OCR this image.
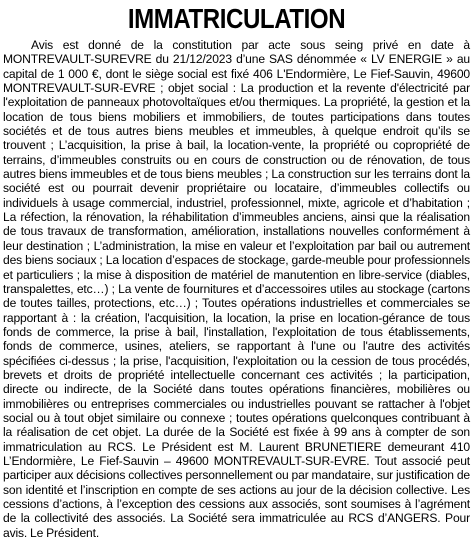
IMMATRICULATION

Avis est donné de la constitution par acte sous seing privé en date à MONTREVAULT-SUREVRE du 21/12/2023 d’une SAS dénommée « LV ENERGIE » au capital de 1 000 €, dont le siège social est fixé 406 L'Endormière, Le Fief-Sauvin, 49600 MONTREVAULT-SUR-EVRE ; objet social : La production et la revente d'électricité par l'exploitation de panneaux photovoltaïques et/ou thermiques. La propriété, la gestion et la location de tous biens mobiliers et immobiliers, de toutes participations dans toutes sociétés et de tous autres biens meubles et immeubles, à quelque endroit qu’ils se trouvent ; L’acquisition, la prise à bail, la location-vente, la propriété ou copropriété de terrains, d’immeubles construits ou en cours de construction ou de rénovation, de tous autres biens immeubles et de tous biens meubles ; La construction sur les terrains dont la société est ou pourrait devenir propriétaire ou locataire, d’immeubles collectifs ou individuels à usage commercial, industriel, professionnel, mixte, agricole et d’habitation ; La réfection, la rénovation, la réhabilitation d’immeubles anciens, ainsi que la réalisation de tous travaux de transformation, amélioration, installations nouvelles conformément à leur destination ; L’administration, la mise en valeur et l’exploitation par bail ou autrement des biens sociaux ; La location d’espaces de stockage, garde-meuble pour professionnels et particuliers ; la mise à disposition de matériel de manutention en libre-service (diables, transpalettes, etc…) ; La vente de fournitures et d’accessoires utiles au stockage (cartons de toutes tailles, protections, etc…) ; Toutes opérations industrielles et commerciales se rapportant à : la création, l'acquisition, la location, la prise en location-gérance de tous fonds de commerce, la prise à bail, l'installation, l'exploitation de tous établissements, fonds de commerce, usines, ateliers, se rapportant à l'une ou l'autre des activités spécifiées ci-dessus ; la prise, l'acquisition, l'exploitation ou la cession de tous procédés, brevets et droits de propriété intellectuelle concernant ces activités ; la participation, directe ou indirecte, de la Société dans toutes opérations financières, mobilières ou immobilières ou entreprises commerciales ou industrielles pouvant se rattacher à l'objet social ou à tout objet similaire ou connexe ; toutes opérations quelconques contribuant à la réalisation de cet objet. La durée de la Société est fixée à 99 ans à compter de son immatriculation au RCS. Le Président est M. Laurent BRUNETIERE demeurant 410 L’Endormière, Le Fief-Sauvin – 49600 MONTREVAULT-SUR-EVRE. Tout associé peut participer aux décisions collectives personnellement ou par mandataire, sur justification de son identité et l’inscription en compte de ses actions au jour de la décision collective. Les cessions d’actions, à l’exception des cessions aux associés, sont soumises à l’agrément de la collectivité des associés. La Société sera immatriculée au RCS d’ANGERS. Pour avis. Le Président.
